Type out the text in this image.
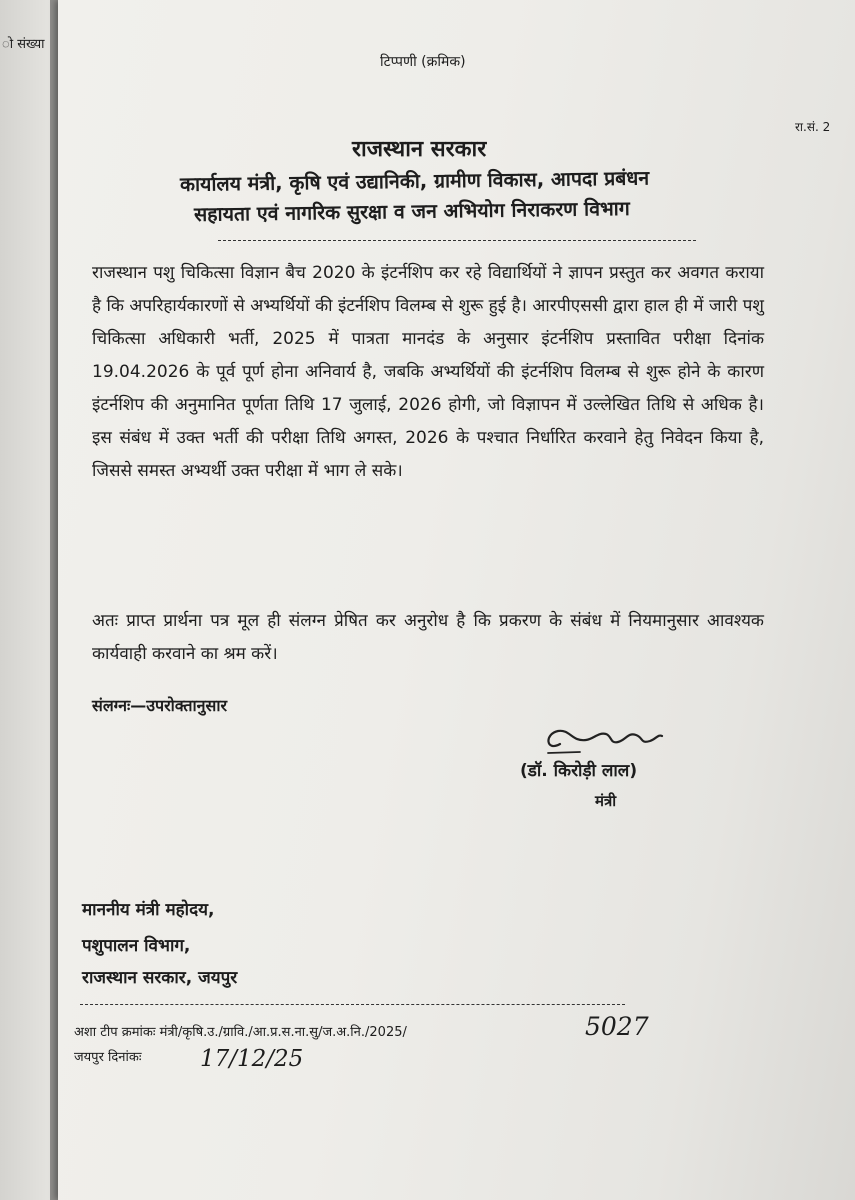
ो संख्या
रा.सं. 2
टिप्पणी (क्रमिक)
राजस्थान सरकार
कार्यालय मंत्री, कृषि एवं उद्यानिकी, ग्रामीण विकास, आपदा प्रबंधन
सहायता एवं नागरिक सुरक्षा व जन अभियोग निराकरण विभाग
राजस्थान पशु चिकित्सा विज्ञान बैच 2020 के इंटर्नशिप कर रहे विद्यार्थियों ने ज्ञापन प्रस्तुत कर अवगत कराया है कि अपरिहार्यकारणों से अभ्यर्थियों की इंटर्नशिप विलम्ब से शुरू हुई है। आरपीएससी द्वारा हाल ही में जारी पशु चिकित्सा अधिकारी भर्ती, 2025 में पात्रता मानदंड के अनुसार इंटर्नशिप प्रस्तावित परीक्षा दिनांक 19.04.2026 के पूर्व पूर्ण होना अनिवार्य है, जबकि अभ्यर्थियों की इंटर्नशिप विलम्ब से शुरू होने के कारण इंटर्नशिप की अनुमानित पूर्णता तिथि 17 जुलाई, 2026 होगी, जो विज्ञापन में उल्लेखित तिथि से अधिक है। इस संबंध में उक्त भर्ती की परीक्षा तिथि अगस्त, 2026 के पश्चात निर्धारित करवाने हेतु निवेदन किया है, जिससे समस्त अभ्यर्थी उक्त परीक्षा में भाग ले सके।
अतः प्राप्त प्रार्थना पत्र मूल ही संलग्न प्रेषित कर अनुरोध है कि प्रकरण के संबंध में नियमानुसार आवश्यक कार्यवाही करवाने का श्रम करें।
संलग्नः—उपरोक्तानुसार
(डॉ. किरोड़ी लाल)
मंत्री
माननीय मंत्री महोदय,
पशुपालन विभाग,
राजस्थान सरकार, जयपुर
अशा टीप क्रमांकः मंत्री/कृषि.उ./ग्रावि./आ.प्र.स.ना.सु/ज.अ.नि./2025/	5027
जयपुर दिनांकः	17/12/25
